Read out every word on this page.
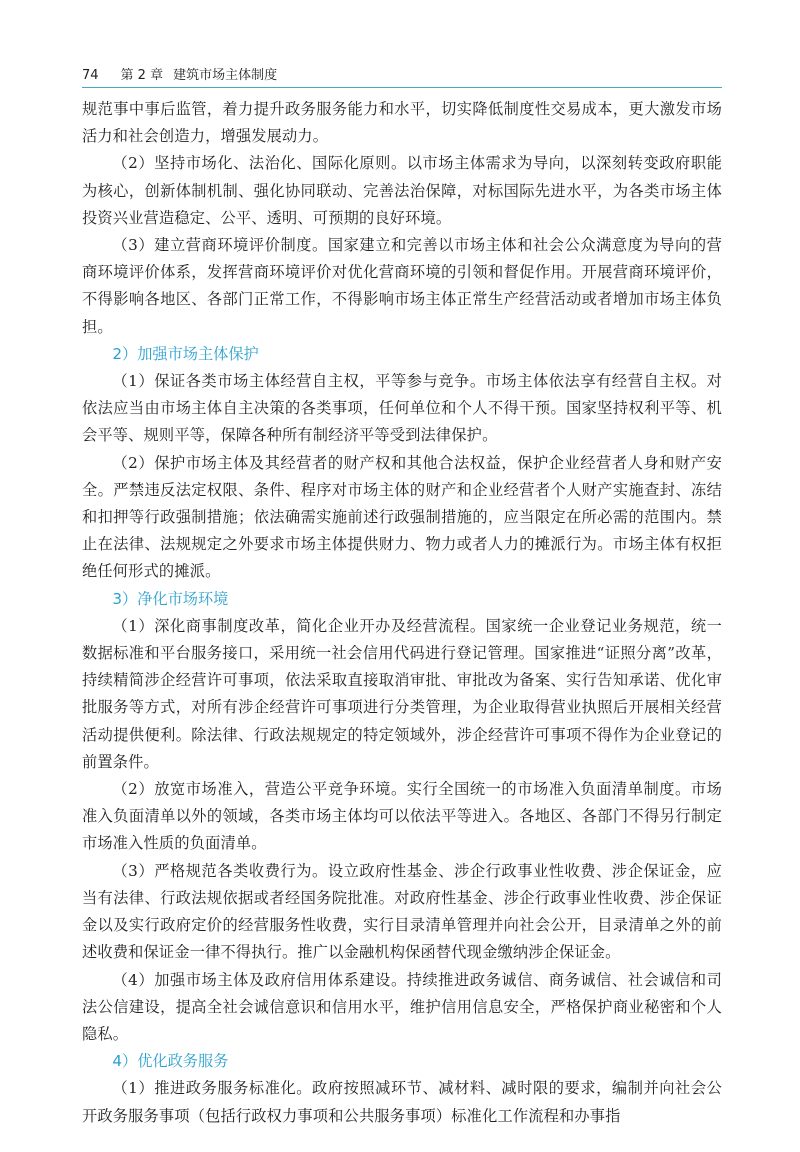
74 第 2 章 建筑市场主体制度

规范事中事后监管，着力提升政务服务能力和水平，切实降低制度性交易成本，更大激发市场活力和社会创造力，增强发展动力。

（2）坚持市场化、法治化、国际化原则。以市场主体需求为导向，以深刻转变政府职能为核心，创新体制机制、强化协同联动、完善法治保障，对标国际先进水平，为各类市场主体投资兴业营造稳定、公平、透明、可预期的良好环境。

（3）建立营商环境评价制度。国家建立和完善以市场主体和社会公众满意度为导向的营商环境评价体系，发挥营商环境评价对优化营商环境的引领和督促作用。开展营商环境评价，不得影响各地区、各部门正常工作，不得影响市场主体正常生产经营活动或者增加市场主体负担。

2）加强市场主体保护

（1）保证各类市场主体经营自主权，平等参与竞争。市场主体依法享有经营自主权。对依法应当由市场主体自主决策的各类事项，任何单位和个人不得干预。国家坚持权利平等、机会平等、规则平等，保障各种所有制经济平等受到法律保护。

（2）保护市场主体及其经营者的财产权和其他合法权益，保护企业经营者人身和财产安全。严禁违反法定权限、条件、程序对市场主体的财产和企业经营者个人财产实施查封、冻结和扣押等行政强制措施；依法确需实施前述行政强制措施的，应当限定在所必需的范围内。禁止在法律、法规规定之外要求市场主体提供财力、物力或者人力的摊派行为。市场主体有权拒绝任何形式的摊派。

3）净化市场环境

（1）深化商事制度改革，简化企业开办及经营流程。国家统一企业登记业务规范，统一数据标准和平台服务接口，采用统一社会信用代码进行登记管理。国家推进“证照分离”改革，持续精简涉企经营许可事项，依法采取直接取消审批、审批改为备案、实行告知承诺、优化审批服务等方式，对所有涉企经营许可事项进行分类管理，为企业取得营业执照后开展相关经营活动提供便利。除法律、行政法规规定的特定领域外，涉企经营许可事项不得作为企业登记的前置条件。

（2）放宽市场准入，营造公平竞争环境。实行全国统一的市场准入负面清单制度。市场准入负面清单以外的领域，各类市场主体均可以依法平等进入。各地区、各部门不得另行制定市场准入性质的负面清单。

（3）严格规范各类收费行为。设立政府性基金、涉企行政事业性收费、涉企保证金，应当有法律、行政法规依据或者经国务院批准。对政府性基金、涉企行政事业性收费、涉企保证金以及实行政府定价的经营服务性收费，实行目录清单管理并向社会公开，目录清单之外的前述收费和保证金一律不得执行。推广以金融机构保函替代现金缴纳涉企保证金。

（4）加强市场主体及政府信用体系建设。持续推进政务诚信、商务诚信、社会诚信和司法公信建设，提高全社会诚信意识和信用水平，维护信用信息安全，严格保护商业秘密和个人隐私。

4）优化政务服务

（1）推进政务服务标准化。政府按照减环节、减材料、减时限的要求，编制并向社会公开政务服务事项（包括行政权力事项和公共服务事项）标准化工作流程和办事指
